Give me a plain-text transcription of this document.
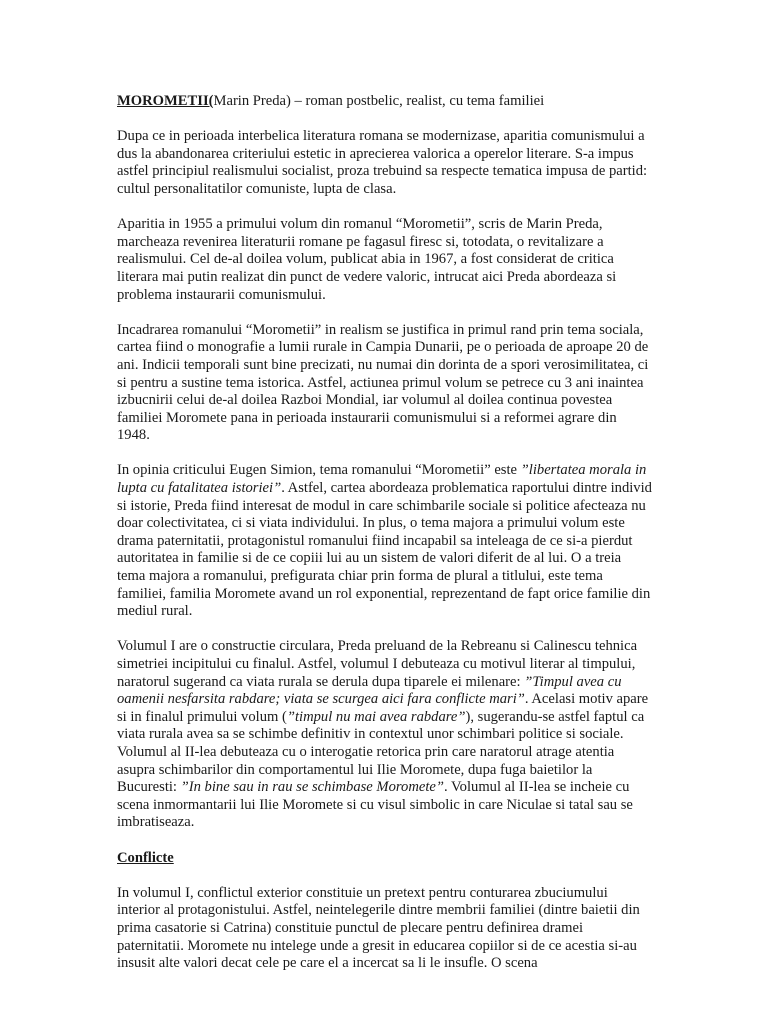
MOROMETII(Marin Preda) – roman postbelic, realist, cu tema familiei

Dupa ce in perioada interbelica literatura romana se modernizase, aparitia comunismului a dus la abandonarea criteriului estetic in aprecierea valorica a operelor literare. S-a impus astfel principiul realismului socialist, proza trebuind sa respecte tematica impusa de partid: cultul personalitatilor comuniste, lupta de clasa.

Aparitia in 1955 a primului volum din romanul “Morometii”, scris de Marin Preda, marcheaza revenirea literaturii romane pe fagasul firesc si, totodata, o revitalizare a realismului. Cel de-al doilea volum, publicat abia in 1967, a fost considerat de critica literara mai putin realizat din punct de vedere valoric, intrucat aici Preda abordeaza si problema instaurarii comunismului.

Incadrarea romanului “Morometii” in realism se justifica in primul rand prin tema sociala, cartea fiind o monografie a lumii rurale in Campia Dunarii, pe o perioada de aproape 20 de ani. Indicii temporali sunt bine precizati, nu numai din dorinta de a spori verosimilitatea, ci si pentru a sustine tema istorica. Astfel, actiunea primul volum se petrece cu 3 ani inaintea izbucnirii celui de-al doilea Razboi Mondial, iar volumul al doilea continua povestea familiei Moromete pana in perioada instaurarii comunismului si a reformei agrare din 1948.

In opinia criticului Eugen Simion, tema romanului “Morometii” este ”libertatea morala in lupta cu fatalitatea istoriei”. Astfel, cartea abordeaza problematica raportului dintre individ si istorie, Preda fiind interesat de modul in care schimbarile sociale si politice afecteaza nu doar colectivitatea, ci si viata individului. In plus, o tema majora a primului volum este drama paternitatii, protagonistul romanului fiind incapabil sa inteleaga de ce si-a pierdut autoritatea in familie si de ce copiii lui au un sistem de valori diferit de al lui. O a treia tema majora a romanului, prefigurata chiar prin forma de plural a titlului, este tema familiei, familia Moromete avand un rol exponential, reprezentand de fapt orice familie din mediul rural.

Volumul I are o constructie circulara, Preda preluand de la Rebreanu si Calinescu tehnica simetriei incipitului cu finalul. Astfel, volumul I debuteaza cu motivul literar al timpului, naratorul sugerand ca viata rurala se derula dupa tiparele ei milenare: ”Timpul avea cu oamenii nesfarsita rabdare; viata se scurgea aici fara conflicte mari”. Acelasi motiv apare si in finalul primului volum (”timpul nu mai avea rabdare”), sugerandu-se astfel faptul ca viata rurala avea sa se schimbe definitiv in contextul unor schimbari politice si sociale. Volumul al II-lea debuteaza cu o interogatie retorica prin care naratorul atrage atentia asupra schimbarilor din comportamentul lui Ilie Moromete, dupa fuga baietilor la Bucuresti: ”In bine sau in rau se schimbase Moromete”. Volumul al II-lea se incheie cu scena inmormantarii lui Ilie Moromete si cu visul simbolic in care Niculae si tatal sau se imbratiseaza.

Conflicte

In volumul I, conflictul exterior constituie un pretext pentru conturarea zbuciumului interior al protagonistului. Astfel, neintelegerile dintre membrii familiei (dintre baietii din prima casatorie si Catrina) constituie punctul de plecare pentru definirea dramei paternitatii. Moromete nu intelege unde a gresit in educarea copiilor si de ce acestia si-au insusit alte valori decat cele pe care el a incercat sa li le insufle. O scena
